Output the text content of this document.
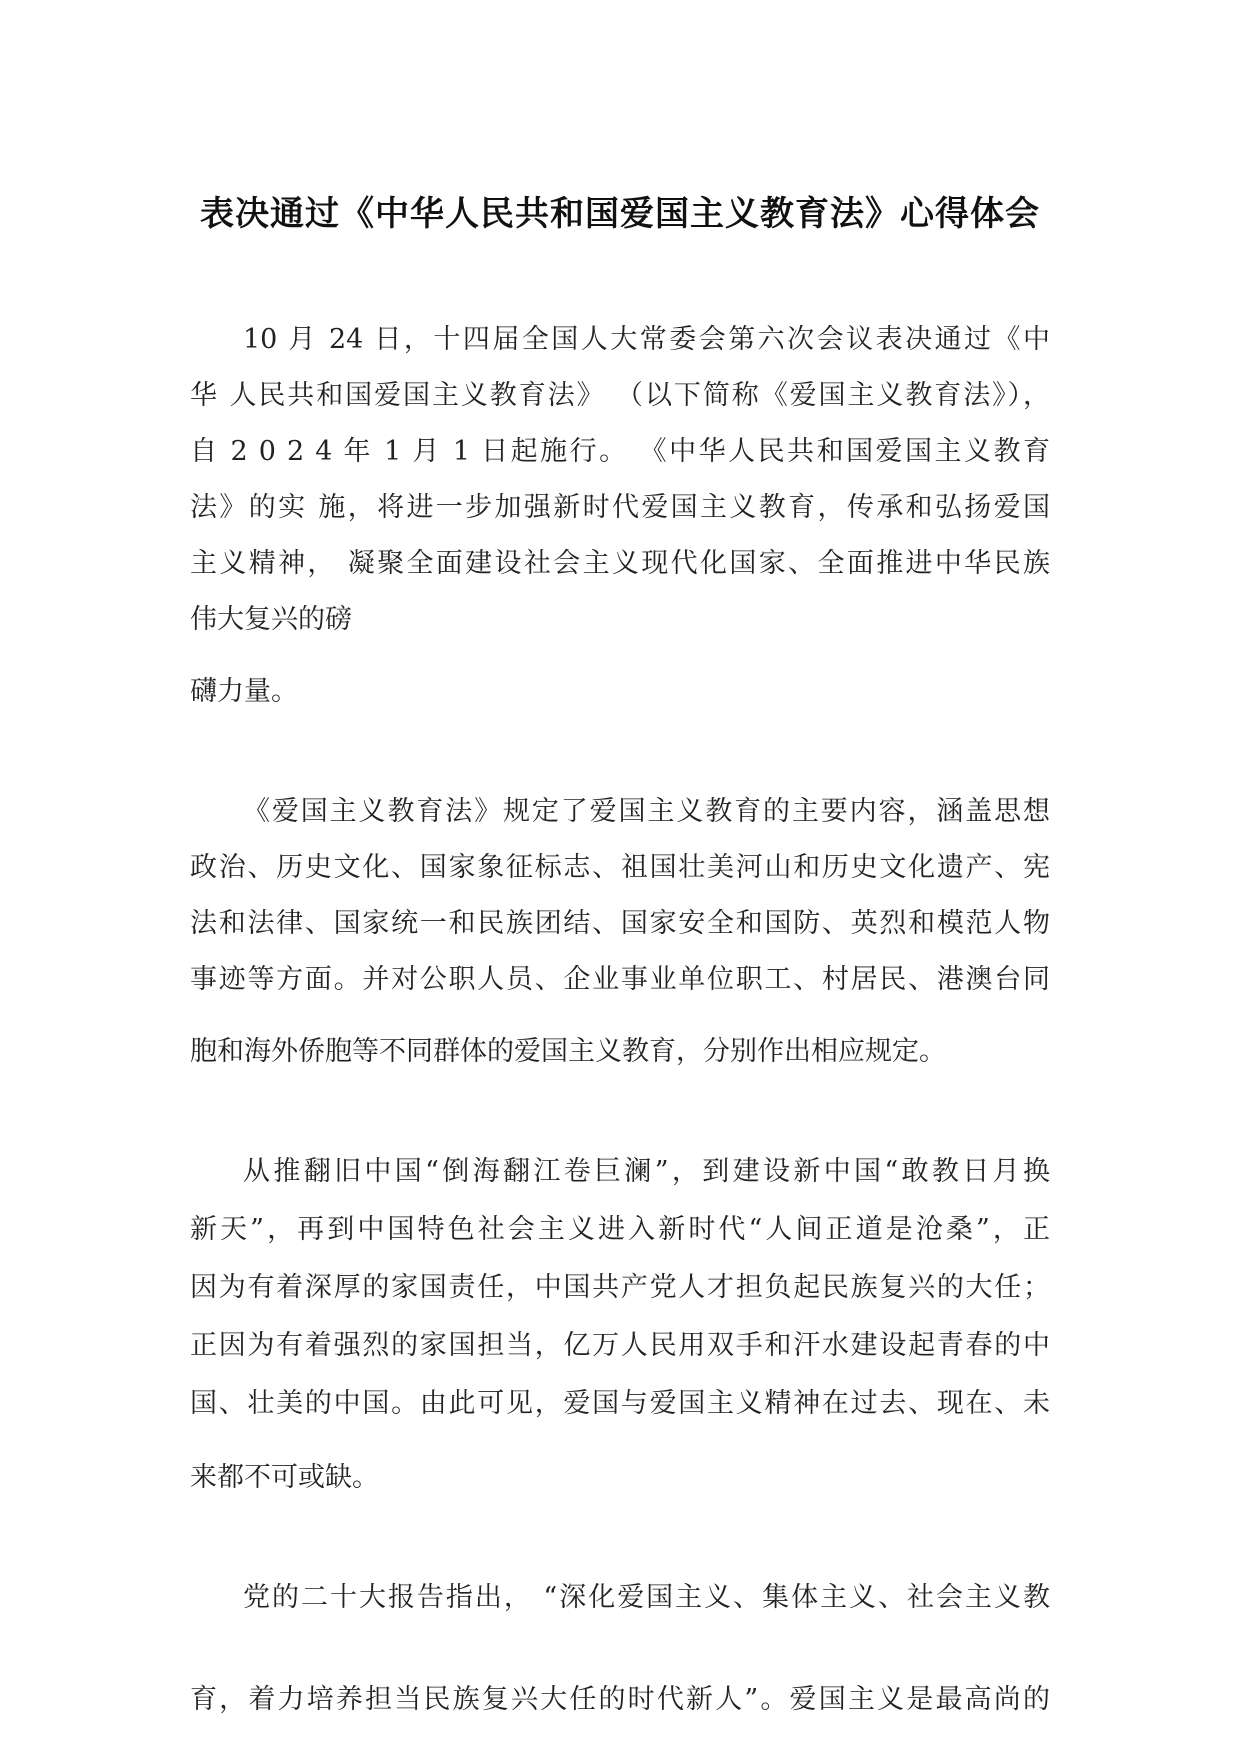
表决通过《中华人民共和国爱国主义教育法》心得体会
10 月 24 日，十四届全国人大常委会第六次会议表决通过《中
华 人民共和国爱国主义教育法》 （以下简称《爱国主义教育法》），
自 2 0 2 4 年 1 月 1 日起施行。 《中华人民共和国爱国主义教育
法》的实 施，将进一步加强新时代爱国主义教育，传承和弘扬爱国
主义精神， 凝聚全面建设社会主义现代化国家、全面推进中华民族
伟大复兴的磅
礴力量。
《爱国主义教育法》规定了爱国主义教育的主要内容，涵盖思想
政治、历史文化、国家象征标志、祖国壮美河山和历史文化遗产、宪
法和法律、国家统一和民族团结、国家安全和国防、英烈和模范人物
事迹等方面。并对公职人员、企业事业单位职工、村居民、港澳台同
胞和海外侨胞等不同群体的爱国主义教育，分别作出相应规定。
从推翻旧中国“倒海翻江卷巨澜”，到建设新中国“敢教日月换
新天”，再到中国特色社会主义进入新时代“人间正道是沧桑”，正
因为有着深厚的家国责任，中国共产党人才担负起民族复兴的大任；
正因为有着强烈的家国担当，亿万人民用双手和汗水建设起青春的中
国、壮美的中国。由此可见，爱国与爱国主义精神在过去、现在、未
来都不可或缺。
党的二十大报告指出， “深化爱国主义、集体主义、社会主义教
育，着力培养担当民族复兴大任的时代新人”。爱国主义是最高尚的
